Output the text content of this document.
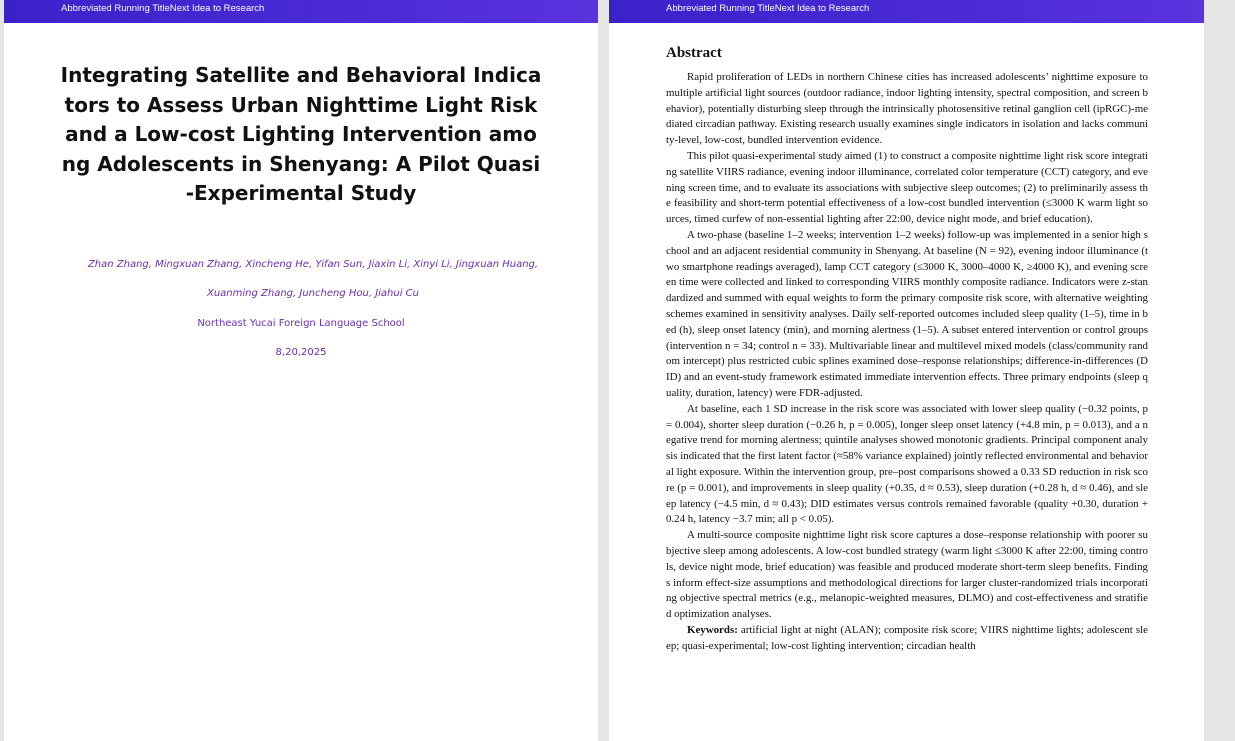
Abbreviated Running TitleNext Idea to Research
Integrating Satellite and Behavioral Indicators to Assess Urban Nighttime Light Risk and a Low-cost Lighting Intervention among Adolescents in Shenyang: A Pilot Quasi-Experimental Study
Zhan Zhang, Mingxuan Zhang, Xincheng He, Yifan Sun, Jiaxin Li, Xinyi Li, Jingxuan Huang, Xuanming Zhang, Juncheng Hou, Jiahui Cu
Northeast Yucai Foreign Language School
8,20,2025
Abbreviated Running TitleNext Idea to Research
Abstract

Rapid proliferation of LEDs in northern Chinese cities has increased adolescents’ nighttime exposure to multiple artificial light sources (outdoor radiance, indoor lighting intensity, spectral composition, and screen behavior), potentially disturbing sleep through the intrinsically photosensitive retinal ganglion cell (ipRGC)-mediated circadian pathway. Existing research usually examines single indicators in isolation and lacks community-level, low-cost, bundled intervention evidence.

This pilot quasi-experimental study aimed (1) to construct a composite nighttime light risk score integrating satellite VIIRS radiance, evening indoor illuminance, correlated color temperature (CCT) category, and evening screen time, and to evaluate its associations with subjective sleep outcomes; (2) to preliminarily assess the feasibility and short-term potential effectiveness of a low-cost bundled intervention (≤3000 K warm light sources, timed curfew of non-essential lighting after 22:00, device night mode, and brief education).

A two-phase (baseline 1–2 weeks; intervention 1–2 weeks) follow-up was implemented in a senior high school and an adjacent residential community in Shenyang. At baseline (N = 92), evening indoor illuminance (two smartphone readings averaged), lamp CCT category (≤3000 K, 3000–4000 K, ≥4000 K), and evening screen time were collected and linked to corresponding VIIRS monthly composite radiance. Indicators were z-standardized and summed with equal weights to form the primary composite risk score, with alternative weighting schemes examined in sensitivity analyses. Daily self-reported outcomes included sleep quality (1–5), time in bed (h), sleep onset latency (min), and morning alertness (1–5). A subset entered intervention or control groups (intervention n = 34; control n = 33). Multivariable linear and multilevel mixed models (class/community random intercept) plus restricted cubic splines examined dose–response relationships; difference-in-differences (DID) and an event-study framework estimated immediate intervention effects. Three primary endpoints (sleep quality, duration, latency) were FDR-adjusted.

At baseline, each 1 SD increase in the risk score was associated with lower sleep quality (−0.32 points, p = 0.004), shorter sleep duration (−0.26 h, p = 0.005), longer sleep onset latency (+4.8 min, p = 0.013), and a negative trend for morning alertness; quintile analyses showed monotonic gradients. Principal component analysis indicated that the first latent factor (≈58% variance explained) jointly reflected environmental and behavioral light exposure. Within the intervention group, pre–post comparisons showed a 0.33 SD reduction in risk score (p = 0.001), and improvements in sleep quality (+0.35, d ≈ 0.53), sleep duration (+0.28 h, d ≈ 0.46), and sleep latency (−4.5 min, d ≈ 0.43); DID estimates versus controls remained favorable (quality +0.30, duration +0.24 h, latency −3.7 min; all p < 0.05).

A multi-source composite nighttime light risk score captures a dose–response relationship with poorer subjective sleep among adolescents. A low-cost bundled strategy (warm light ≤3000 K after 22:00, timing controls, device night mode, brief education) was feasible and produced moderate short-term sleep benefits. Findings inform effect-size assumptions and methodological directions for larger cluster-randomized trials incorporating objective spectral metrics (e.g., melanopic-weighted measures, DLMO) and cost-effectiveness and stratified optimization analyses.

Keywords: artificial light at night (ALAN); composite risk score; VIIRS nighttime lights; adolescent sleep; quasi-experimental; low-cost lighting intervention; circadian health
